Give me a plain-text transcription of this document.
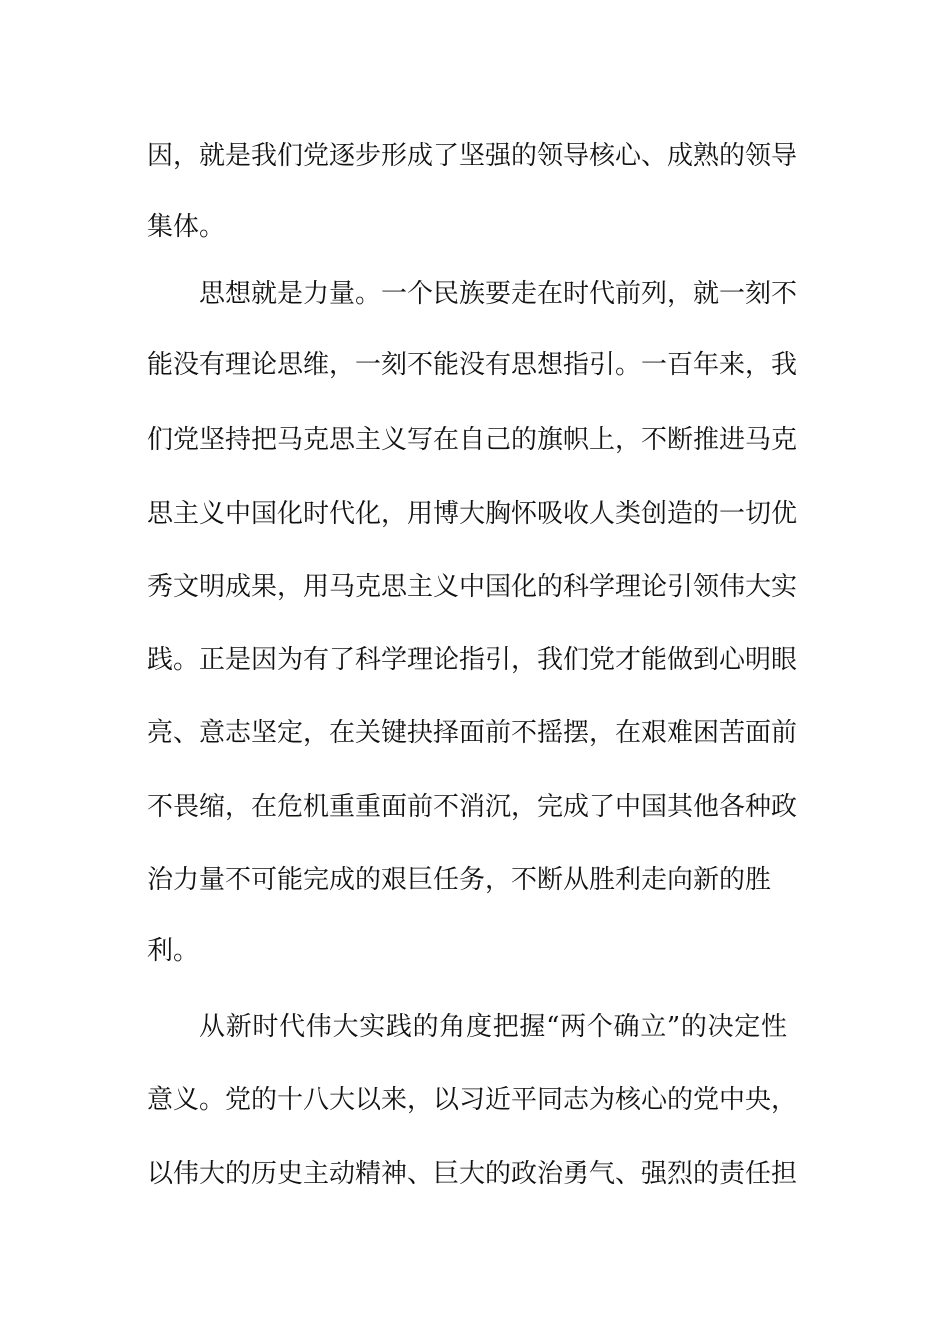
因，就是我们党逐步形成了坚强的领导核心、成熟的领导
集体。
思想就是力量。一个民族要走在时代前列，就一刻不
能没有理论思维，一刻不能没有思想指引。一百年来，我
们党坚持把马克思主义写在自己的旗帜上，不断推进马克
思主义中国化时代化，用博大胸怀吸收人类创造的一切优
秀文明成果，用马克思主义中国化的科学理论引领伟大实
践。正是因为有了科学理论指引，我们党才能做到心明眼
亮、意志坚定，在关键抉择面前不摇摆，在艰难困苦面前
不畏缩，在危机重重面前不消沉，完成了中国其他各种政
治力量不可能完成的艰巨任务，不断从胜利走向新的胜
利。
从新时代伟大实践的角度把握“两个确立”的决定性
意义。党的十八大以来，以习近平同志为核心的党中央，
以伟大的历史主动精神、巨大的政治勇气、强烈的责任担
